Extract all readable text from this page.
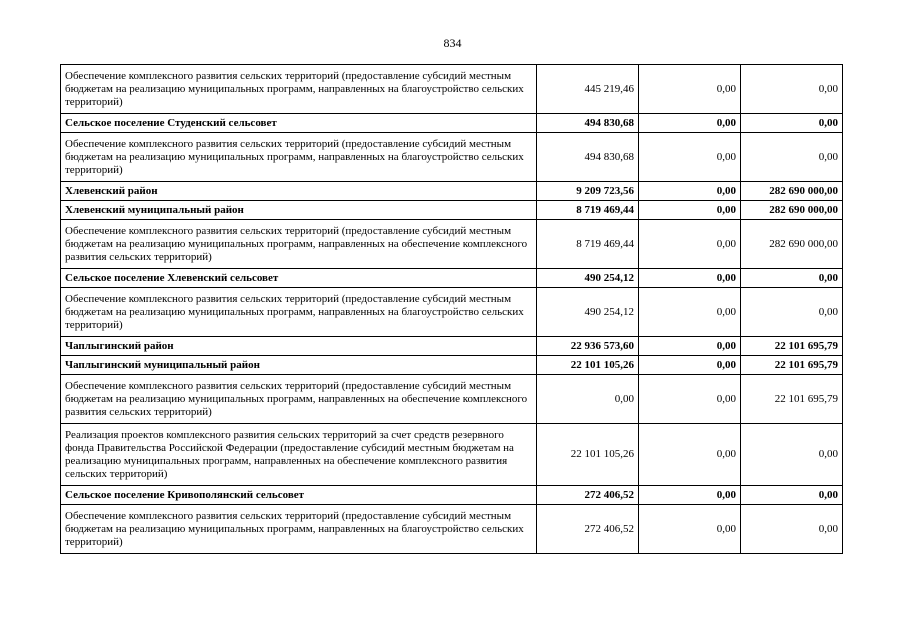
834
Обеспечение комплексного развития сельских территорий (предоставление субсидий местным бюджетам на реализацию муниципальных программ, направленных на благоустройство сельских территорий)	445 219,46	0,00	0,00
Сельское поселение Студенский сельсовет	494 830,68	0,00	0,00
Обеспечение комплексного развития сельских территорий (предоставление субсидий местным бюджетам на реализацию муниципальных программ, направленных на благоустройство сельских территорий)	494 830,68	0,00	0,00
Хлевенский район	9 209 723,56	0,00	282 690 000,00
Хлевенский муниципальный район	8 719 469,44	0,00	282 690 000,00
Обеспечение комплексного развития сельских территорий (предоставление субсидий местным бюджетам на реализацию муниципальных программ, направленных на обеспечение комплексного развития сельских территорий)	8 719 469,44	0,00	282 690 000,00
Сельское поселение Хлевенский сельсовет	490 254,12	0,00	0,00
Обеспечение комплексного развития сельских территорий (предоставление субсидий местным бюджетам на реализацию муниципальных программ, направленных на благоустройство сельских территорий)	490 254,12	0,00	0,00
Чаплыгинский район	22 936 573,60	0,00	22 101 695,79
Чаплыгинский муниципальный район	22 101 105,26	0,00	22 101 695,79
Обеспечение комплексного развития сельских территорий (предоставление субсидий местным бюджетам на реализацию муниципальных программ, направленных на обеспечение комплексного развития сельских территорий)	0,00	0,00	22 101 695,79
Реализация проектов комплексного развития сельских территорий за счет средств резервного фонда Правительства Российской Федерации (предоставление субсидий местным бюджетам на реализацию муниципальных программ, направленных на обеспечение комплексного развития сельских территорий)	22 101 105,26	0,00	0,00
Сельское поселение Кривополянский сельсовет	272 406,52	0,00	0,00
Обеспечение комплексного развития сельских территорий (предоставление субсидий местным бюджетам на реализацию муниципальных программ, направленных на благоустройство сельских территорий)	272 406,52	0,00	0,00
